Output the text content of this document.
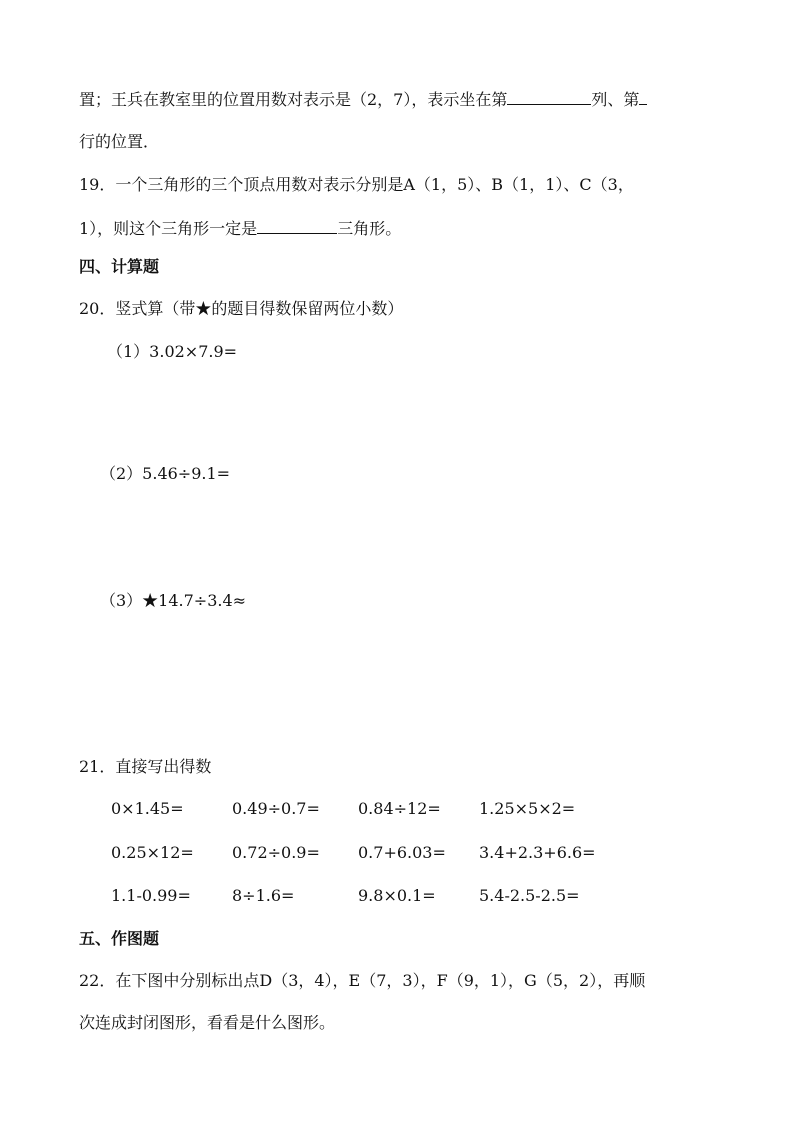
置；王兵在教室里的位置用数对表示是（2，7），表示坐在第	列、第
行的位置．
19．一个三角形的三个顶点用数对表示分别是A（1，5）、B（1，1）、C（3，
1），则这个三角形一定是	三角形。
四、计算题
20．竖式算（带★的题目得数保留两位小数）
（1）3.02×7.9=
（2）5.46÷9.1=
（3）★14.7÷3.4≈
21．直接写出得数
0×1.45=	0.49÷0.7= 0.84÷12= 1.25×5×2=
0.25×12= 0.72÷0.9= 0.7+6.03= 3.4+2.3+6.6=
1.1-0.99=	8÷1.6=	9.8×0.1=	5.4-2.5-2.5=
五、作图题
22．在下图中分别标出点D（3，4），E（7，3），F（9，1），G（5，2），再顺
次连成封闭图形，看看是什么图形。
